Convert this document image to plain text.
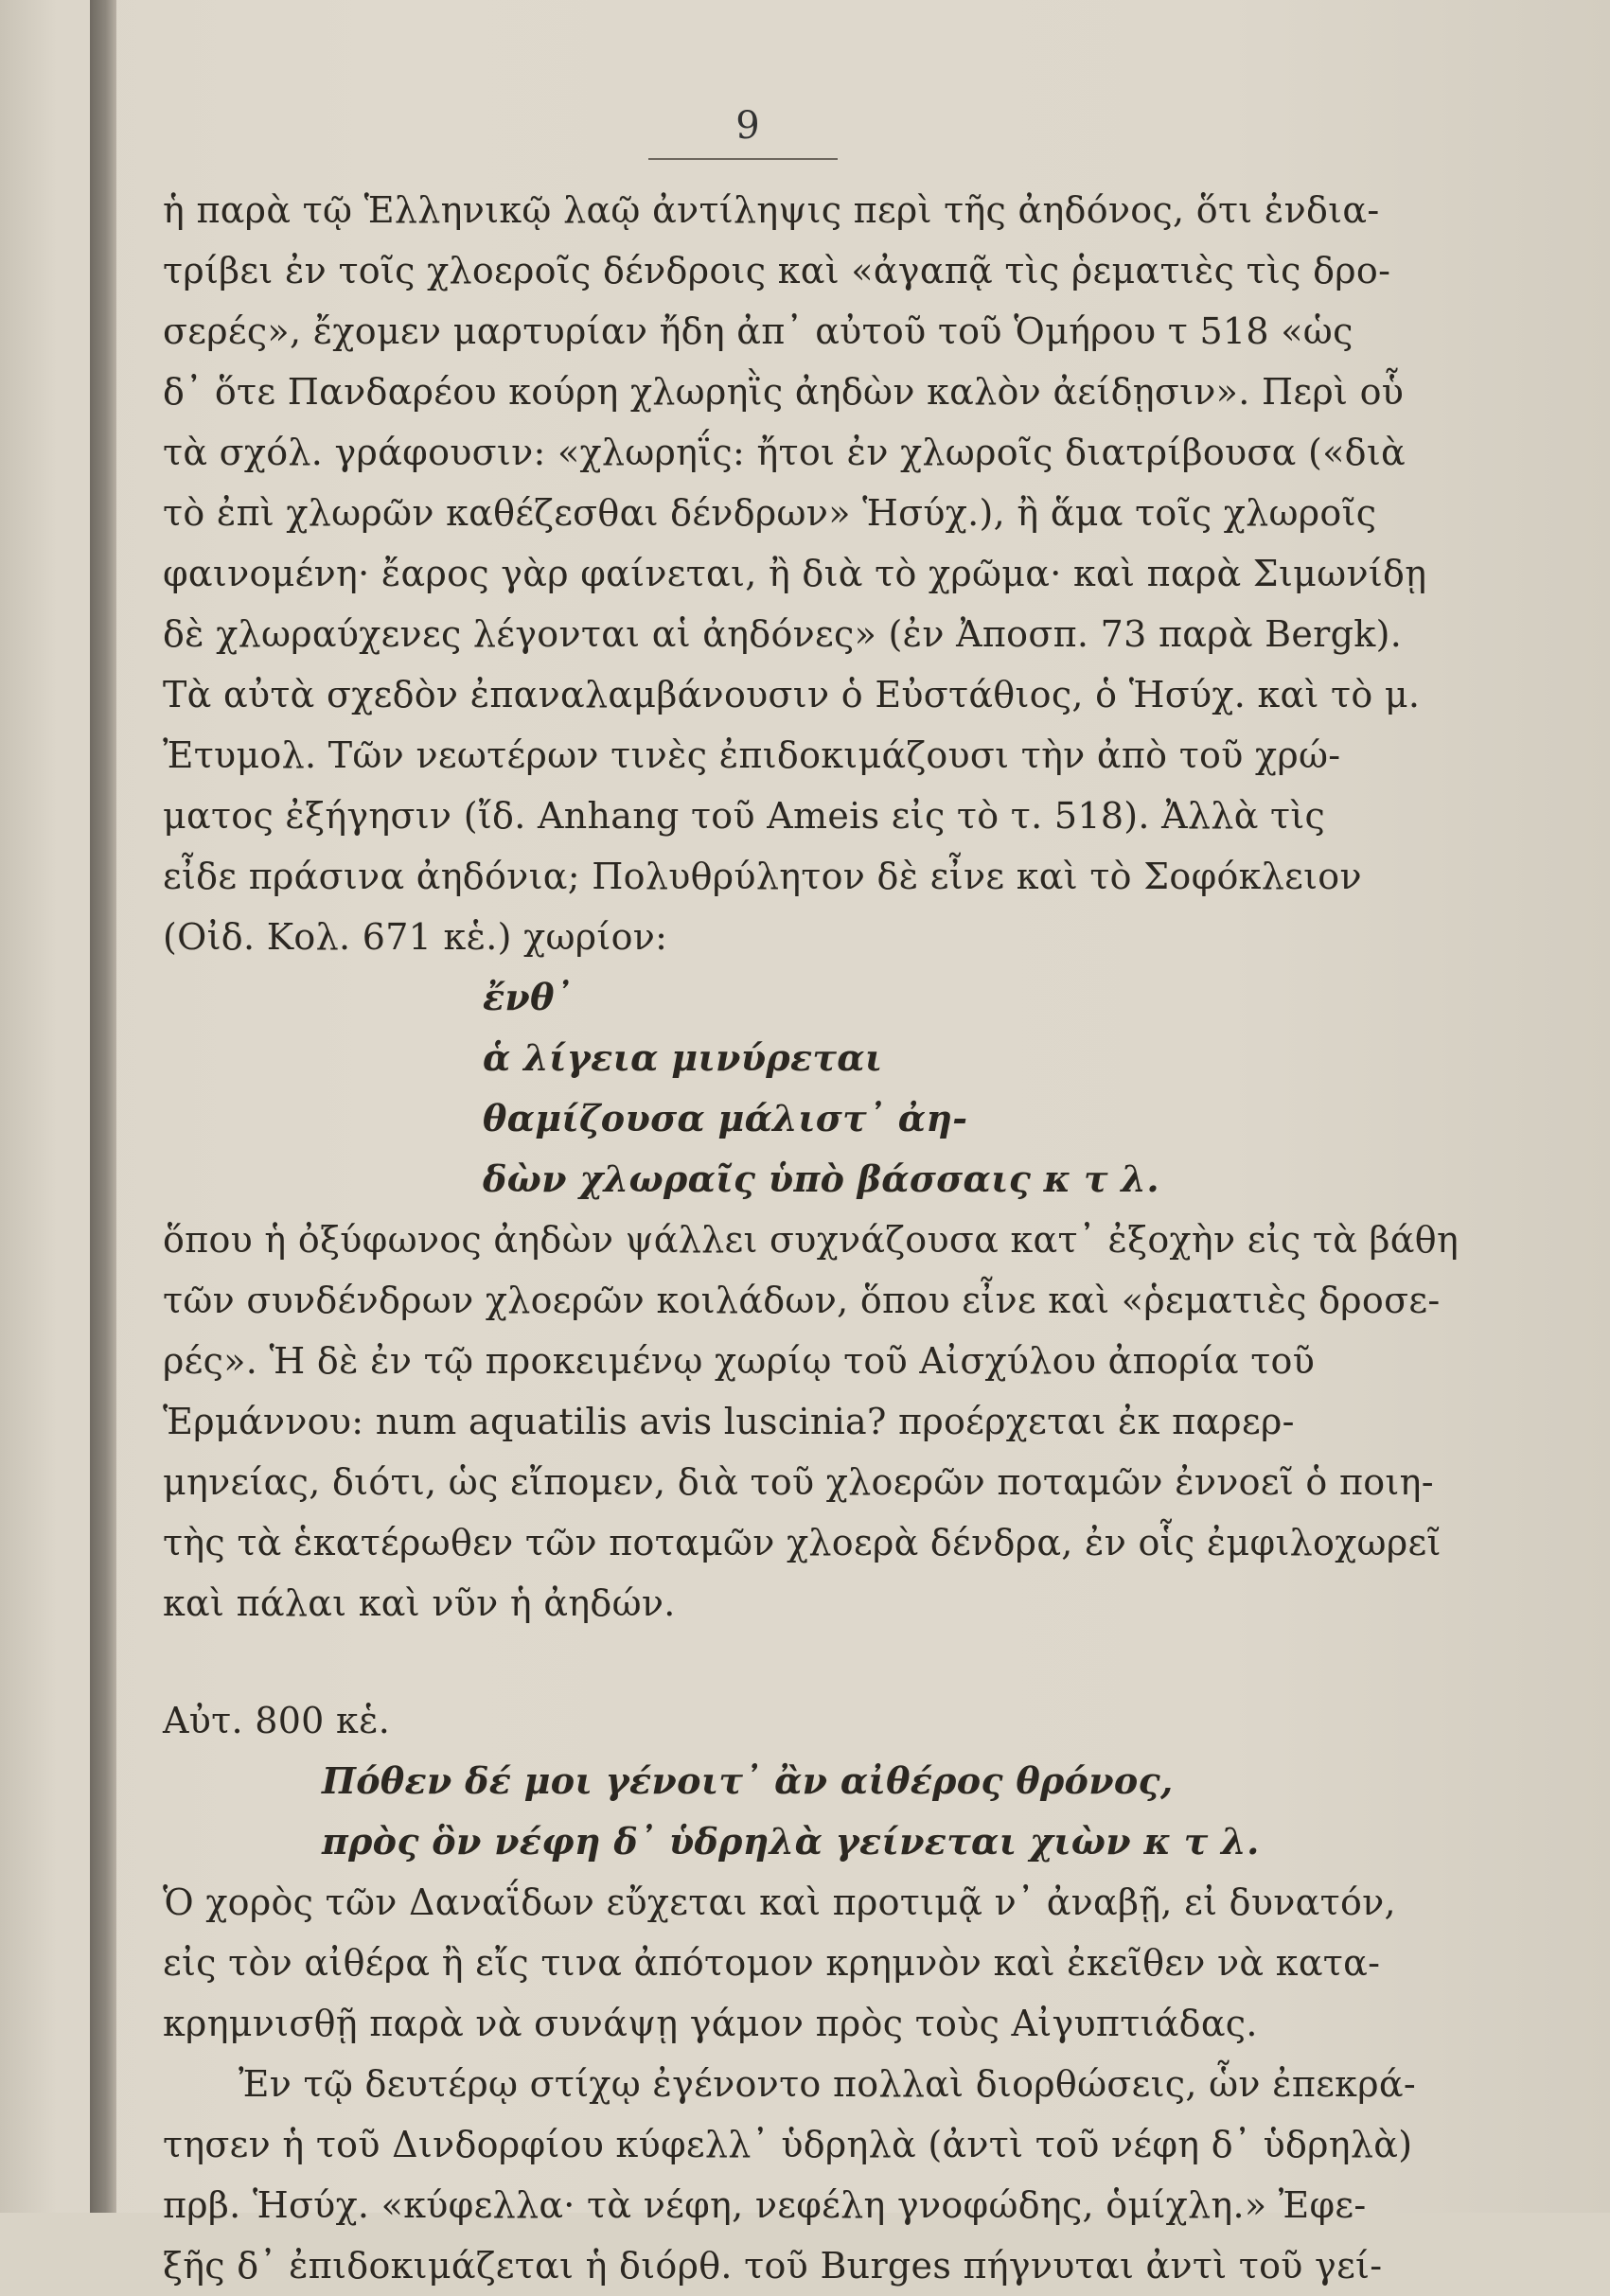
9
ἡ παρὰ τῷ Ἑλληνικῷ λαῷ ἀντίληψις περὶ τῆς ἀηδόνος, ὅτι ἐνδια-
τρίβει ἐν τοῖς χλοεροῖς δένδροις καὶ «ἀγαπᾷ τὶς ῥεματιὲς τὶς δρο-
σερές», ἔχομεν μαρτυρίαν ἤδη ἀπ᾽ αὐτοῦ τοῦ Ὁμήρου τ 518 «ὡς
δ᾽ ὅτε Πανδαρέου κούρη χλωρηῒς ἀηδὼν καλὸν ἀείδῃσιν». Περὶ οὗ
τὰ σχόλ. γράφουσιν: «χλωρηΐς: ἤτοι ἐν χλωροῖς διατρίβουσα («διὰ
τὸ ἐπὶ χλωρῶν καθέζεσθαι δένδρων» Ἡσύχ.), ἢ ἅμα τοῖς χλωροῖς
φαινομένη· ἔαρος γὰρ φαίνεται, ἢ διὰ τὸ χρῶμα· καὶ παρὰ Σιμωνίδῃ
δὲ χλωραύχενες λέγονται αἱ ἀηδόνες» (ἐν Ἀποσπ. 73 παρὰ Bergk).
Τὰ αὐτὰ σχεδὸν ἐπαναλαμβάνουσιν ὁ Εὐστάθιος, ὁ Ἡσύχ. καὶ τὸ μ.
Ἐτυμολ. Τῶν νεωτέρων τινὲς ἐπιδοκιμάζουσι τὴν ἀπὸ τοῦ χρώ-
ματος ἐξήγησιν (ἴδ. Anhang τοῦ Ameis εἰς τὸ τ. 518). Ἀλλὰ τὶς
εἶδε πράσινα ἀηδόνια; Πολυθρύλητον δὲ εἶνε καὶ τὸ Σοφόκλειον
(Οἰδ. Κολ. 671 κἑ.) χωρίον:
ἔνθ᾽
ἁ λίγεια μινύρεται
θαμίζουσα μάλιστ᾽ ἀη-
δὼν χλωραῖς ὑπὸ βάσσαις κ τ λ.
ὅπου ἡ ὀξύφωνος ἀηδὼν ψάλλει συχνάζουσα κατ᾽ ἐξοχὴν εἰς τὰ βάθη
τῶν συνδένδρων χλοερῶν κοιλάδων, ὅπου εἶνε καὶ «ῥεματιὲς δροσε-
ρές». Ἡ δὲ ἐν τῷ προκειμένῳ χωρίῳ τοῦ Αἰσχύλου ἀπορία τοῦ
Ἑρμάννου: num aquatilis avis luscinia? προέρχεται ἐκ παρερ-
μηνείας, διότι, ὡς εἴπομεν, διὰ τοῦ χλοερῶν ποταμῶν ἐννοεῖ ὁ ποιη-
τὴς τὰ ἑκατέρωθεν τῶν ποταμῶν χλοερὰ δένδρα, ἐν οἷς ἐμφιλοχωρεῖ
καὶ πάλαι καὶ νῦν ἡ ἀηδών.
Αὐτ. 800 κἑ.
Πόθεν δέ μοι γένοιτ᾽ ἂν αἰθέρος θρόνος,
πρὸς ὃν νέφη δ᾽ ὑδρηλὰ γείνεται χιὼν κ τ λ.
Ὁ χορὸς τῶν Δαναΐδων εὔχεται καὶ προτιμᾷ ν᾽ ἀναβῇ, εἰ δυνατόν,
εἰς τὸν αἰθέρα ἢ εἴς τινα ἀπότομον κρημνὸν καὶ ἐκεῖθεν νὰ κατα-
κρημνισθῇ παρὰ νὰ συνάψῃ γάμον πρὸς τοὺς Αἰγυπτιάδας.
Ἐν τῷ δευτέρῳ στίχῳ ἐγένοντο πολλαὶ διορθώσεις, ὧν ἐπεκρά-
τησεν ἡ τοῦ Δινδορφίου κύφελλ᾽ ὑδρηλὰ (ἀντὶ τοῦ νέφη δ᾽ ὑδρηλὰ)
πρβ. Ἡσύχ. «κύφελλα· τὰ νέφη, νεφέλη γνοφώδης, ὁμίχλη.» Ἐφε-
ξῆς δ᾽ ἐπιδοκιμάζεται ἡ διόρθ. τοῦ Burges πήγνυται ἀντὶ τοῦ γεί-
